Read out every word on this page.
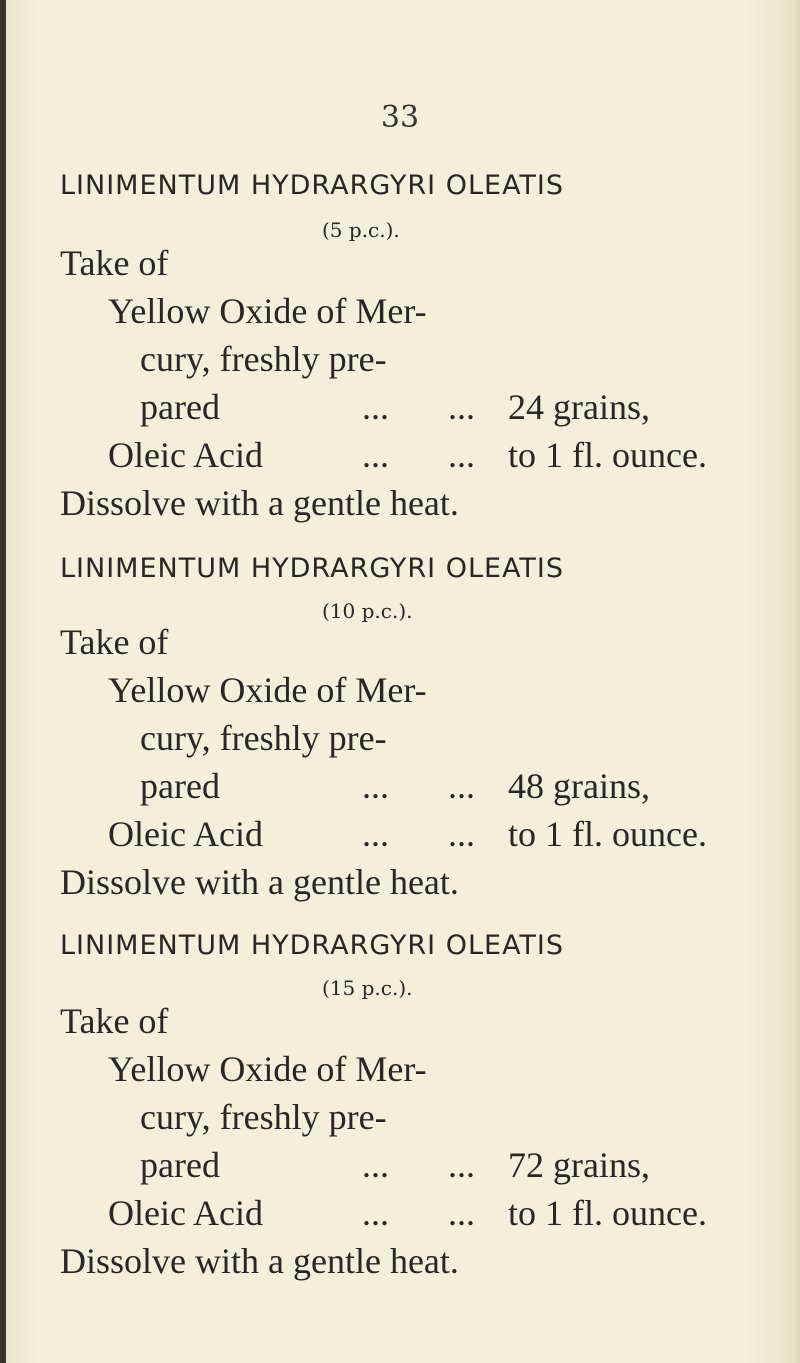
33
LINIMENTUM HYDRARGYRI OLEATIS
(5 p.c.).
Take of
Yellow Oxide of Mer-
cury, freshly pre-
pared	... ... 24 grains,
Oleic Acid	... ... to 1 fl. ounce.
Dissolve with a gentle heat.
LINIMENTUM HYDRARGYRI OLEATIS
(10 p.c.).
Take of
Yellow Oxide of Mer-
cury, freshly pre-
pared	... ... 48 grains,
Oleic Acid	... ... to 1 fl. ounce.
Dissolve with a gentle heat.
LINIMENTUM HYDRARGYRI OLEATIS
(15 p.c.).
Take of
Yellow Oxide of Mer-
cury, freshly pre-
pared	... ... 72 grains,
Oleic Acid	... ... to 1 fl. ounce.
Dissolve with a gentle heat.
